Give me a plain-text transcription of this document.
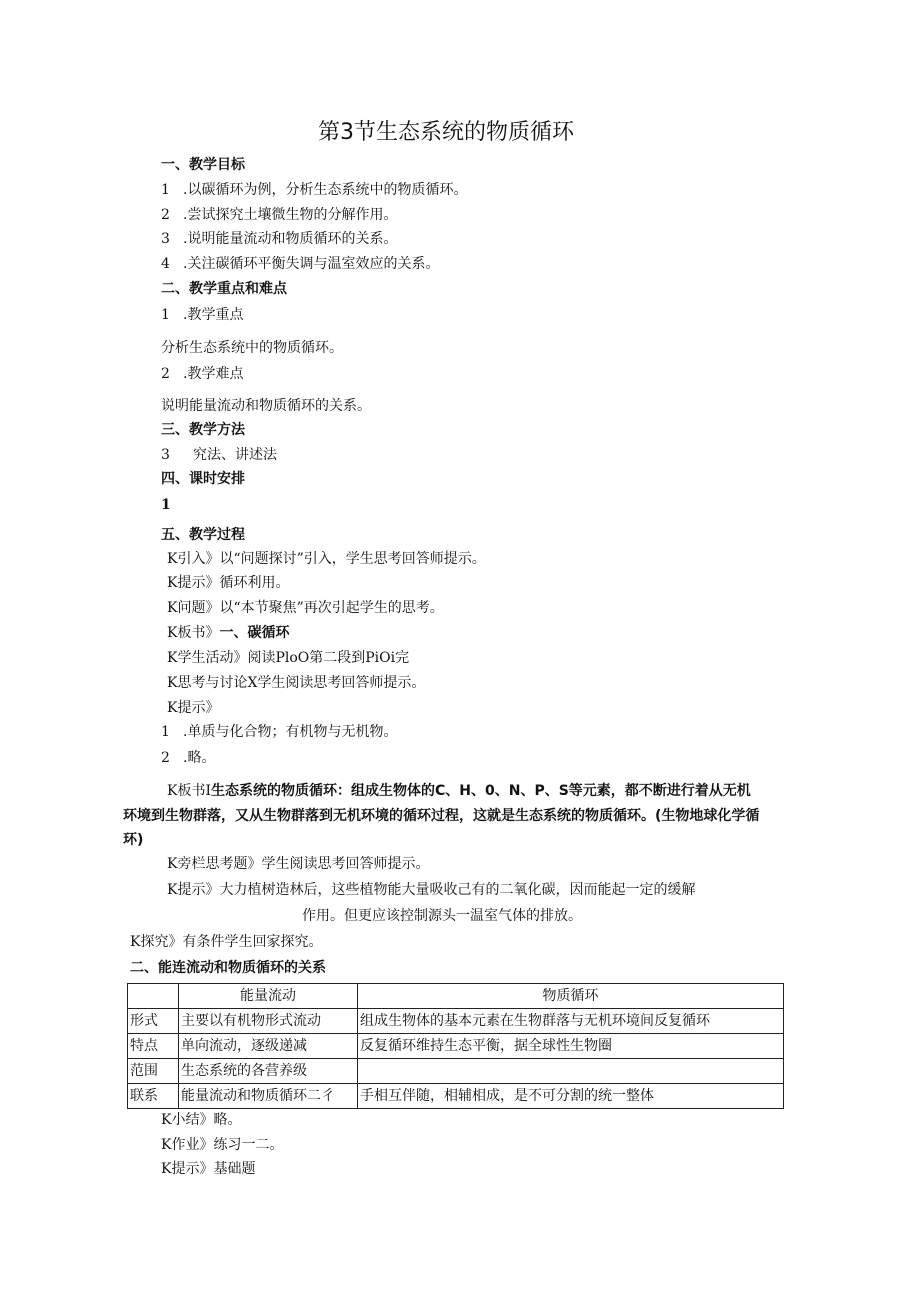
第3节生态系统的物质循环
一、教学目标
1 .以碳循环为例，分析生态系统中的物质循环。
2 .尝试探究土壤微生物的分解作用。
3 .说明能量流动和物质循环的关系。
4 .关注碳循环平衡失调与温室效应的关系。
二、教学重点和难点
1 .教学重点
分析生态系统中的物质循环。
2 .教学难点
说明能量流动和物质循环的关系。
三、教学方法
3 究法、讲述法
四、课时安排
1
五、教学过程
K引入》以“问题探讨”引入，学生思考回答师提示。
K提示》循环利用。
K问题》以“本节聚焦”再次引起学生的思考。
K板书》一、碳循环
K学生活动》阅读PloO第二段到PiOi完
K思考与讨论X学生阅读思考回答师提示。
K提示》
1 .单质与化合物；有机物与无机物。
2 .略。
K板书I生态系统的物质循环：组成生物体的C、H、0、N、P、S等元素，都不断进行着从无机
环境到生物群落，又从生物群落到无机环境的循环过程，这就是生态系统的物质循环。(生物地球化学循
环)
K旁栏思考题》学生阅读思考回答师提示。
K提示》大力植树造林后，这些植物能大量吸收己有的二氧化碳，因而能起一定的缓解
作用。但更应该控制源头一温室气体的排放。
K探究》有条件学生回家探究。
二、能连流动和物质循环的关系
	能量流动	物质循环
形式	主要以有机物形式流动	组成生物体的基本元素在生物群落与无机环境间反复循环
特点	单向流动，逐级递减	反复循环维持生态平衡，据全球性生物圈
范围	生态系统的各营养级	
联系	能量流动和物质循环二彳	手相互伴随，相辅相成，是不可分割的统一整体
K小结》略。
K作业》练习一二。
K提示》基础题
